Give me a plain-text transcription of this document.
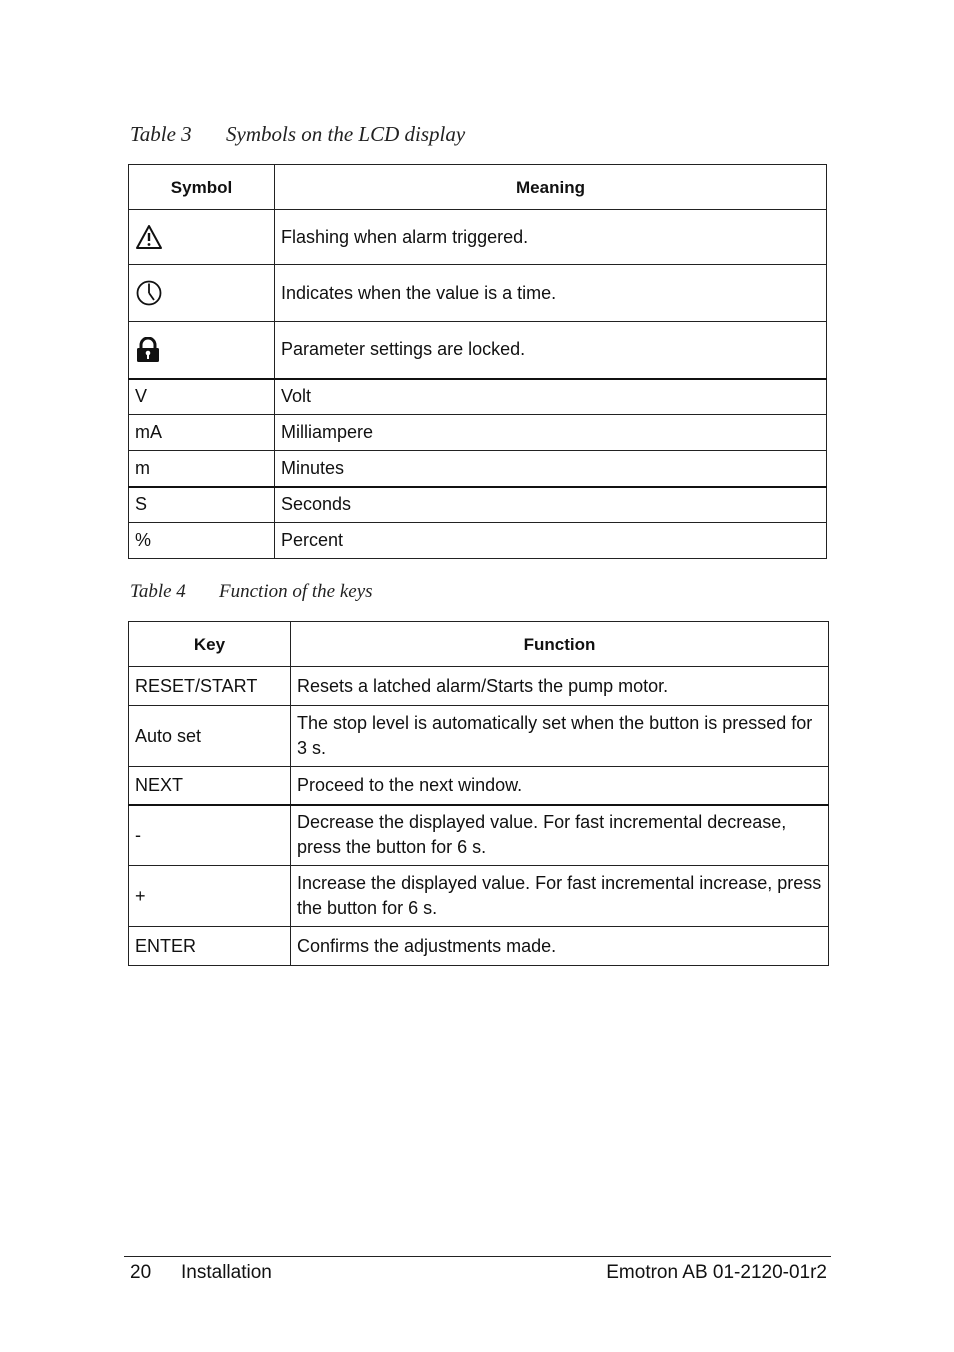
Table 3 Symbols on the LCD display
Symbol	Meaning

	Flashing when alarm triggered.

	Indicates when the value is a time.

	Parameter settings are locked.
V	Volt
mA	Milliampere
m	Minutes
S	Seconds
%	Percent
Table 4 Function of the keys
Key	Function
RESET/START	Resets a latched alarm/Starts the pump motor.
Auto set	The stop level is automatically set when the button is pressed for 3 s.
NEXT	Proceed to the next window.
-	Decrease the displayed value. For fast incremental decrease, press the button for 6 s.
+	Increase the displayed value. For fast incremental increase, press the button for 6 s.
ENTER	Confirms the adjustments made.
20 Installation	Emotron AB 01-2120-01r2
